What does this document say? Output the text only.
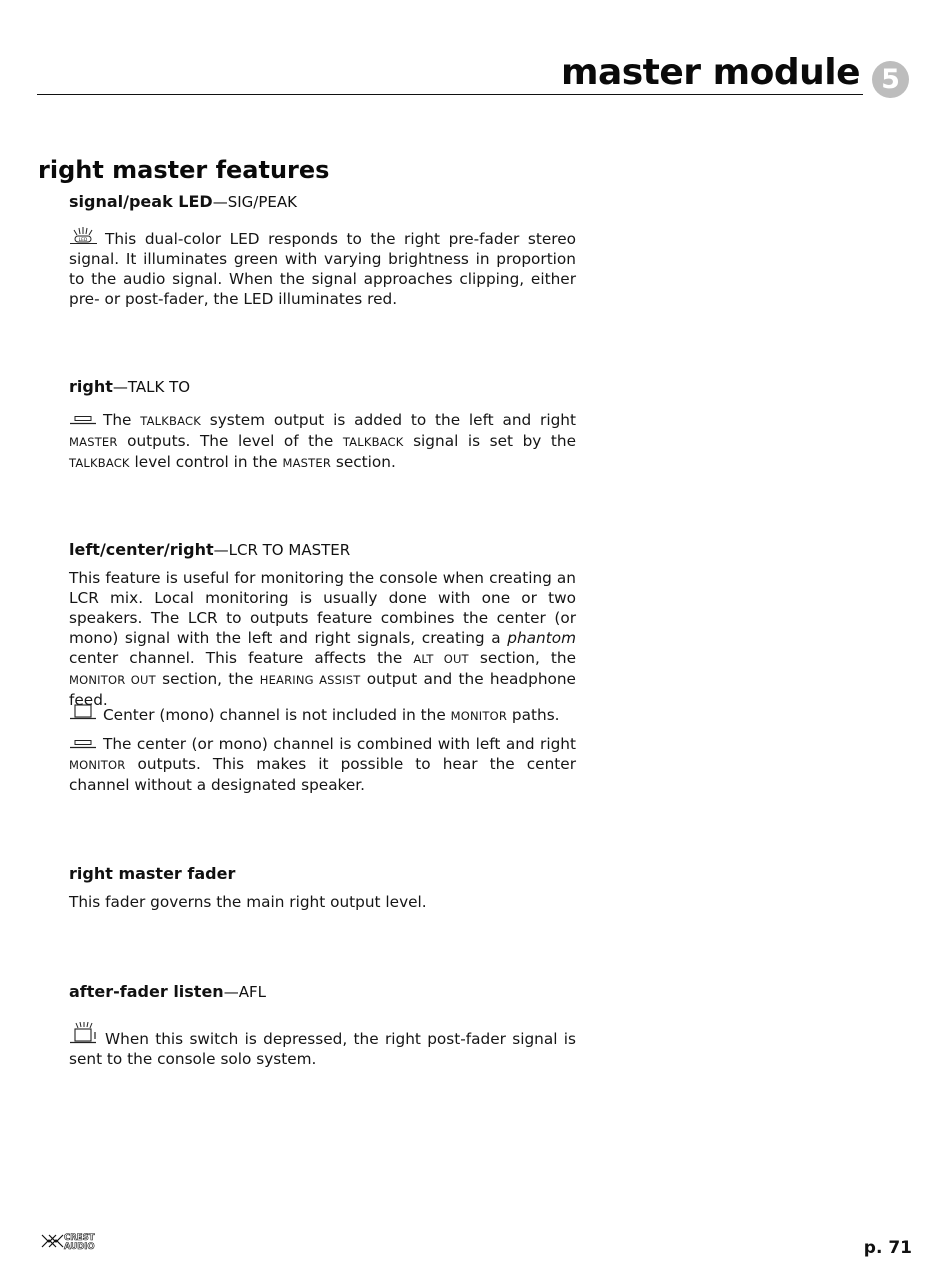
master module 5
right master features
signal/peak LED—SIG/PEAK
LED This dual-color LED responds to the right pre-fader stereo signal. It illuminates green with varying brightness in proportion to the audio signal. When the signal approaches clipping, either pre- or post-fader, the LED illuminates red.
right—TALK TO
The TALKBACK system output is added to the left and right MASTER outputs. The level of the TALKBACK signal is set by the TALKBACK level control in the MASTER section.
left/center/right—LCR TO MASTER
This feature is useful for monitoring the console when creating an LCR mix. Local monitoring is usually done with one or two speakers. The LCR to outputs feature combines the center (or mono) signal with the left and right signals, creating a phantom center channel. This feature affects the ALT OUT section, the MONITOR OUT section, the HEARING ASSIST output and the headphone feed.
Center (mono) channel is not included in the MONITOR paths.
The center (or mono) channel is combined with left and right MONITOR outputs. This makes it possible to hear the center channel without a designated speaker.
right master fader
This fader governs the main right output level.
after-fader listen—AFL
When this switch is depressed, the right post-fader signal is sent to the console solo system.
CREST
AUDIO	p. 71
